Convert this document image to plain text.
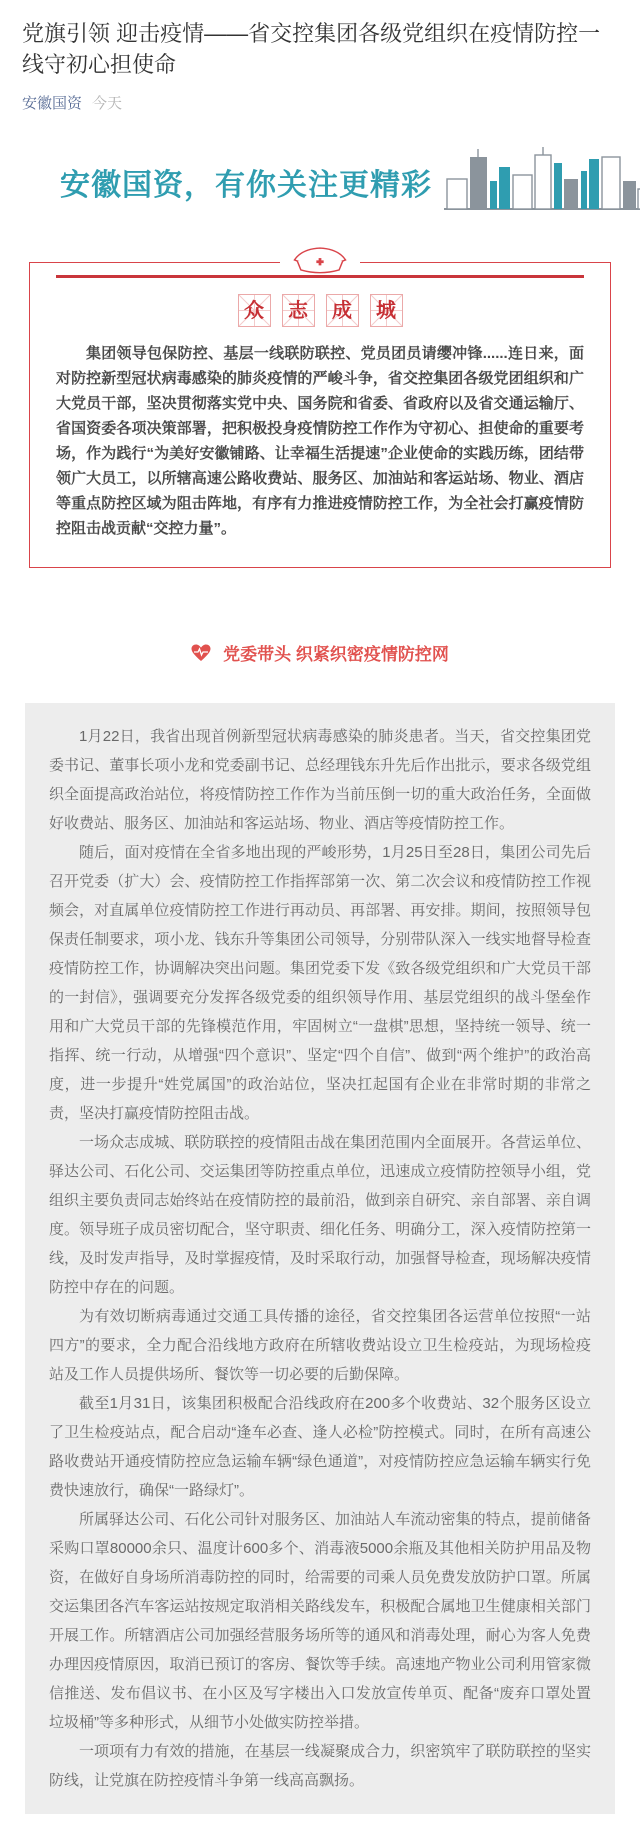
党旗引领 迎击疫情——省交控集团各级党组织在疫情防控一线守初心担使命
安徽国资 今天
安徽国资，有你关注更精彩
众 志 成 城

集团领导包保防控、基层一线联防联控、党员团员请缨冲锋......连日来，面对防控新型冠状病毒感染的肺炎疫情的严峻斗争，省交控集团各级党团组织和广大党员干部，坚决贯彻落实党中央、国务院和省委、省政府以及省交通运输厅、省国资委各项决策部署，把积极投身疫情防控工作作为守初心、担使命的重要考场，作为践行“为美好安徽铺路、让幸福生活提速”企业使命的实践历练，团结带领广大员工，以所辖高速公路收费站、服务区、加油站和客运站场、物业、酒店等重点防控区域为阻击阵地，有序有力推进疫情防控工作，为全社会打赢疫情防控阻击战贡献“交控力量”。

党委带头 织紧织密疫情防控网

1月22日，我省出现首例新型冠状病毒感染的肺炎患者。当天，省交控集团党委书记、董事长项小龙和党委副书记、总经理钱东升先后作出批示，要求各级党组织全面提高政治站位，将疫情防控工作作为当前压倒一切的重大政治任务，全面做好收费站、服务区、加油站和客运站场、物业、酒店等疫情防控工作。

随后，面对疫情在全省多地出现的严峻形势，1月25日至28日，集团公司先后召开党委（扩大）会、疫情防控工作指挥部第一次、第二次会议和疫情防控工作视频会，对直属单位疫情防控工作进行再动员、再部署、再安排。期间，按照领导包保责任制要求，项小龙、钱东升等集团公司领导，分别带队深入一线实地督导检查疫情防控工作，协调解决突出问题。集团党委下发《致各级党组织和广大党员干部的一封信》，强调要充分发挥各级党委的组织领导作用、基层党组织的战斗堡垒作用和广大党员干部的先锋模范作用，牢固树立“一盘棋”思想，坚持统一领导、统一指挥、统一行动，从增强“四个意识”、坚定“四个自信”、做到“两个维护”的政治高度，进一步提升“姓党属国”的政治站位，坚决扛起国有企业在非常时期的非常之责，坚决打赢疫情防控阻击战。

一场众志成城、联防联控的疫情阻击战在集团范围内全面展开。各营运单位、驿达公司、石化公司、交运集团等防控重点单位，迅速成立疫情防控领导小组，党组织主要负责同志始终站在疫情防控的最前沿，做到亲自研究、亲自部署、亲自调度。领导班子成员密切配合，坚守职责、细化任务、明确分工，深入疫情防控第一线，及时发声指导，及时掌握疫情，及时采取行动，加强督导检查，现场解决疫情防控中存在的问题。

为有效切断病毒通过交通工具传播的途径，省交控集团各运营单位按照“一站四方”的要求，全力配合沿线地方政府在所辖收费站设立卫生检疫站，为现场检疫站及工作人员提供场所、餐饮等一切必要的后勤保障。

截至1月31日，该集团积极配合沿线政府在200多个收费站、32个服务区设立了卫生检疫站点，配合启动“逢车必查、逢人必检”防控模式。同时，在所有高速公路收费站开通疫情防控应急运输车辆“绿色通道”，对疫情防控应急运输车辆实行免费快速放行，确保“一路绿灯”。

所属驿达公司、石化公司针对服务区、加油站人车流动密集的特点，提前储备采购口罩80000余只、温度计600多个、消毒液5000余瓶及其他相关防护用品及物资，在做好自身场所消毒防控的同时，给需要的司乘人员免费发放防护口罩。所属交运集团各汽车客运站按规定取消相关路线发车，积极配合属地卫生健康相关部门开展工作。所辖酒店公司加强经营服务场所等的通风和消毒处理，耐心为客人免费办理因疫情原因，取消已预订的客房、餐饮等手续。高速地产物业公司利用管家微信推送、发布倡议书、在小区及写字楼出入口发放宣传单页、配备“废弃口罩处置垃圾桶”等多种形式，从细节小处做实防控举措。

一项项有力有效的措施，在基层一线凝聚成合力，织密筑牢了联防联控的坚实防线，让党旗在防控疫情斗争第一线高高飘扬。
